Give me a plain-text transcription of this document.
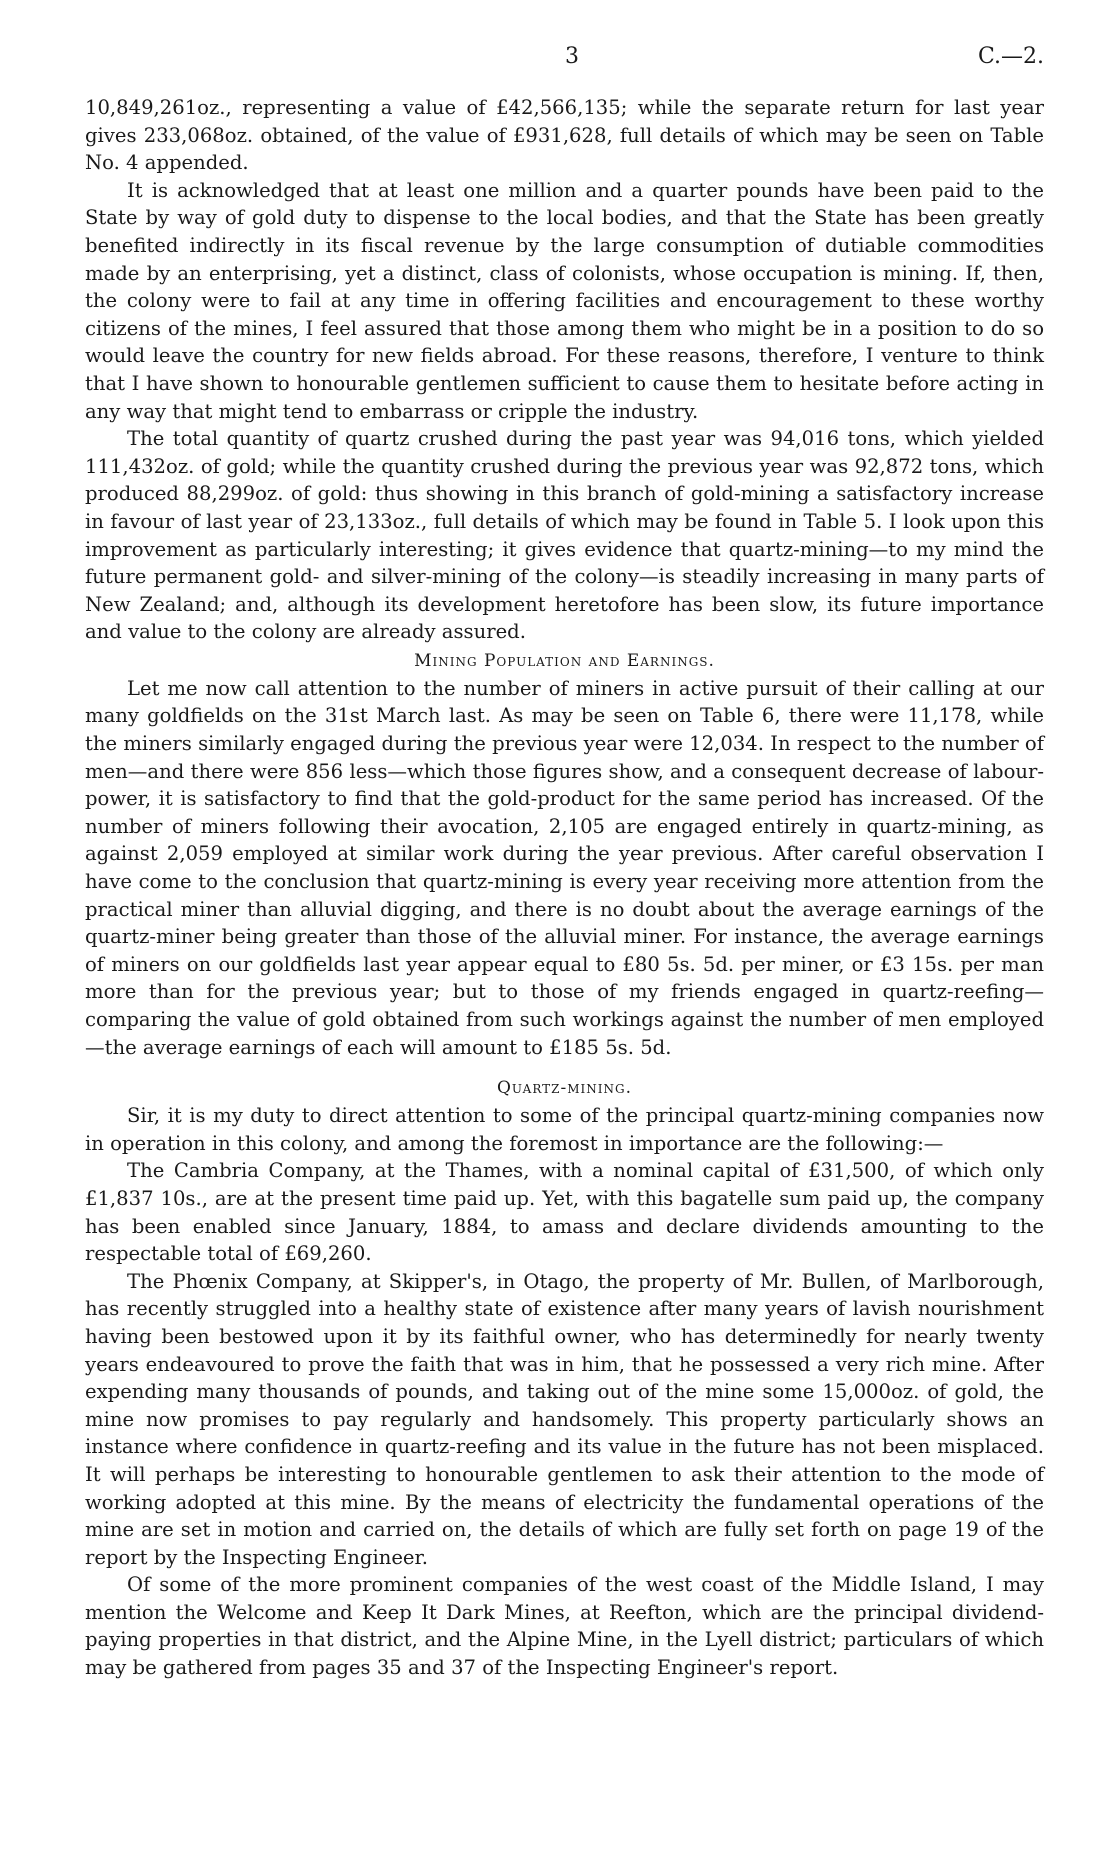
3	C.—2.

10,849,261oz., representing a value of £42,566,135; while the separate return for last year gives 233,068oz. obtained, of the value of £931,628, full details of which may be seen on Table No. 4 appended.

It is acknowledged that at least one million and a quarter pounds have been paid to the State by way of gold duty to dispense to the local bodies, and that the State has been greatly benefited indirectly in its fiscal revenue by the large consumption of dutiable commodities made by an enterprising, yet a distinct, class of colonists, whose occupation is mining. If, then, the colony were to fail at any time in offering facilities and encouragement to these worthy citizens of the mines, I feel assured that those among them who might be in a position to do so would leave the country for new fields abroad. For these reasons, therefore, I venture to think that I have shown to honourable gentlemen sufficient to cause them to hesitate before acting in any way that might tend to embarrass or cripple the industry.

The total quantity of quartz crushed during the past year was 94,016 tons, which yielded 111,432oz. of gold; while the quantity crushed during the previous year was 92,872 tons, which produced 88,299oz. of gold: thus showing in this branch of gold-mining a satisfactory increase in favour of last year of 23,133oz., full details of which may be found in Table 5. I look upon this improvement as particularly interesting; it gives evidence that quartz-mining—to my mind the future permanent gold- and silver-mining of the colony—is steadily increasing in many parts of New Zealand; and, although its development heretofore has been slow, its future importance and value to the colony are already assured.

Mining Population and Earnings.

Let me now call attention to the number of miners in active pursuit of their calling at our many goldfields on the 31st March last. As may be seen on Table 6, there were 11,178, while the miners similarly engaged during the previous year were 12,034. In respect to the number of men—and there were 856 less—which those figures show, and a consequent decrease of labour-power, it is satisfactory to find that the gold-product for the same period has increased. Of the number of miners following their avocation, 2,105 are engaged entirely in quartz-mining, as against 2,059 employed at similar work during the year previous. After careful observation I have come to the conclusion that quartz-mining is every year receiving more attention from the practical miner than alluvial digging, and there is no doubt about the average earnings of the quartz-miner being greater than those of the alluvial miner. For instance, the average earnings of miners on our goldfields last year appear equal to £80 5s. 5d. per miner, or £3 15s. per man more than for the previous year; but to those of my friends engaged in quartz-reefing—comparing the value of gold obtained from such workings against the number of men employed—the average earnings of each will amount to £185 5s. 5d.

Quartz-mining.

Sir, it is my duty to direct attention to some of the principal quartz-mining companies now in operation in this colony, and among the foremost in importance are the following:—

The Cambria Company, at the Thames, with a nominal capital of £31,500, of which only £1,837 10s., are at the present time paid up. Yet, with this bagatelle sum paid up, the company has been enabled since January, 1884, to amass and declare dividends amounting to the respectable total of £69,260.

The Phœnix Company, at Skipper's, in Otago, the property of Mr. Bullen, of Marlborough, has recently struggled into a healthy state of existence after many years of lavish nourishment having been bestowed upon it by its faithful owner, who has determinedly for nearly twenty years endeavoured to prove the faith that was in him, that he possessed a very rich mine. After expending many thousands of pounds, and taking out of the mine some 15,000oz. of gold, the mine now promises to pay regularly and handsomely. This property particularly shows an instance where confidence in quartz-reefing and its value in the future has not been misplaced. It will perhaps be interesting to honourable gentlemen to ask their attention to the mode of working adopted at this mine. By the means of electricity the fundamental operations of the mine are set in motion and carried on, the details of which are fully set forth on page 19 of the report by the Inspecting Engineer.

Of some of the more prominent companies of the west coast of the Middle Island, I may mention the Welcome and Keep It Dark Mines, at Reefton, which are the principal dividend-paying properties in that district, and the Alpine Mine, in the Lyell district; particulars of which may be gathered from pages 35 and 37 of the Inspecting Engineer's report.
